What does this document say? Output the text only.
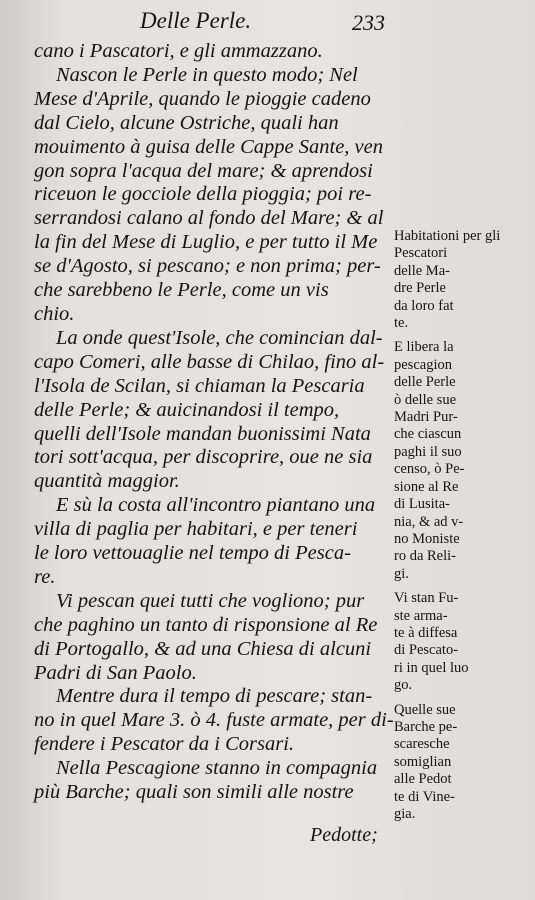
Delle Perle.	233
cano i Pascatori, e gli ammazzano.
Nascon le Perle in questo modo; Nel
Mese d'Aprile, quando le pioggie cadeno
dal Cielo, alcune Ostriche, quali han
mouimento à guisa delle Cappe Sante, ven
gon sopra l'acqua del mare; & aprendosi
riceuon le gocciole della pioggia; poi re-
serrandosi calano al fondo del Mare; & al
la fin del Mese di Luglio, e per tutto il Me
se d'Agosto, si pescano; e non prima; per-
che sarebbeno le Perle, come un vis
chio.
La onde quest'Isole, che comincian dal-
capo Comeri, alle basse di Chilao, fino al-
l'Isola de Scilan, si chiaman la Pescaria
delle Perle; & auicinandosi il tempo,
quelli dell'Isole mandan buonissimi Nata
tori sott'acqua, per discoprire, oue ne sia
quantità maggior.
E sù la costa all'incontro piantano una
villa di paglia per habitari, e per teneri
le loro vettouaglie nel tempo di Pesca-
re.
Vi pescan quei tutti che vogliono; pur
che paghino un tanto di risponsione al Re
di Portogallo, & ad una Chiesa di alcuni
Padri di San Paolo.
Mentre dura il tempo di pescare; stan-
no in quel Mare 3. ò 4. fuste armate, per di-
fendere i Pescator da i Corsari.
Nella Pescagione stanno in compagnia
più Barche; quali son simili alle nostre
Pedotte;
Habitationi per gli
Pescatori
delle Ma-
dre Perle
da loro fat
te.
E libera la
pescagion
delle Perle
ò delle sue
Madri Pur-
che ciascun
paghi il suo
censo, ò Pe-
sione al Re
di Lusita-
nia, & ad v-
no Moniste
ro da Reli-
gi.
Vi stan Fu-
ste arma-
te à diffesa
di Pescato-
ri in quel luo
go.
Quelle sue
Barche pe-
scaresche
somiglian
alle Pedot
te di Vine-
gia.
